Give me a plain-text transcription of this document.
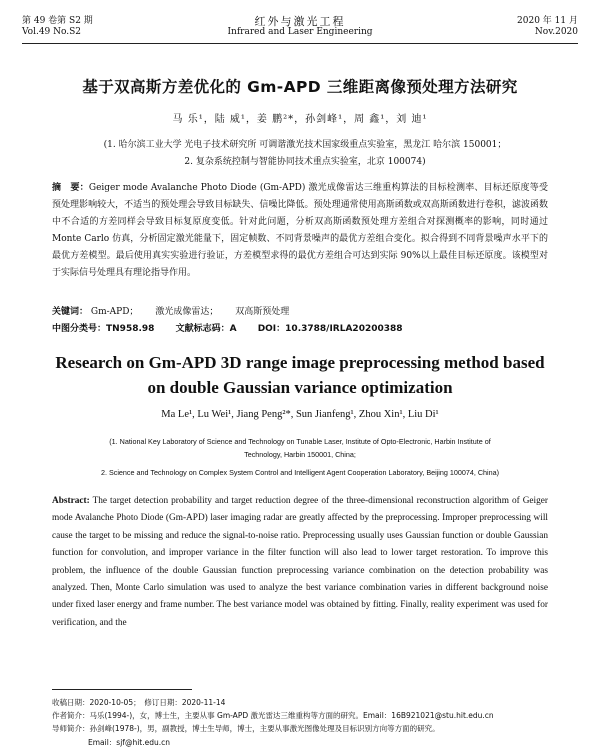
第 49 卷第 S2 期	红外与激光工程	2020 年 11 月
Vol.49 No.S2	Infrared and Laser Engineering	Nov.2020
基于双高斯方差优化的 Gm-APD 三维距离像预处理方法研究
马 乐¹，陆 威¹，姜 鹏²*，孙剑峰¹，周 鑫¹，刘 迪¹
(1. 哈尔滨工业大学 光电子技术研究所 可调谐激光技术国家级重点实验室，黑龙江 哈尔滨 150001；
2. 复杂系统控制与智能协同技术重点实验室，北京 100074)
摘　要：Geiger mode Avalanche Photo Diode (Gm-APD) 激光成像雷达三维重构算法的目标检测率、目标还原度等受预处理影响较大，不适当的预处理会导致目标缺失、信噪比降低。预处理通常使用高斯函数或双高斯函数进行卷积，滤波函数中不合适的方差同样会导致目标复原度变低。针对此问题，分析双高斯函数预处理方差组合对探测概率的影响，同时通过 Monte Carlo 仿真，分析固定激光能量下，固定帧数、不同背景噪声的最优方差组合变化。拟合得到不同背景噪声水平下的最优方差模型。最后使用真实实验进行验证，方差模型求得的最优方差组合可达到实际 90%以上最佳目标还原度。该模型对于实际信号处理具有理论指导作用。
关键词： Gm-APD； 激光成像雷达； 双高斯预处理
中图分类号：TN958.98 文献标志码：A DOI：10.3788/IRLA20200388
Research on Gm-APD 3D range image preprocessing method based
on double Gaussian variance optimization
Ma Le¹, Lu Wei¹, Jiang Peng²*, Sun Jianfeng¹, Zhou Xin¹, Liu Di¹
(1. National Key Laboratory of Science and Technology on Tunable Laser, Institute of Opto-Electronic, Harbin Institute of
Technology, Harbin 150001, China;
2. Science and Technology on Complex System Control and Intelligent Agent Cooperation Laboratory, Beijing 100074, China)
Abstract: The target detection probability and target reduction degree of the three-dimensional reconstruction algorithm of Geiger mode Avalanche Photo Diode (Gm-APD) laser imaging radar are greatly affected by the preprocessing. Improper preprocessing will cause the target to be missing and reduce the signal-to-noise ratio. Preprocessing usually uses Gaussian function or double Gaussian function for convolution, and improper variance in the filter function will also lead to lower target restoration. To improve this problem, the influence of the double Gaussian function preprocessing variance combination on the detection probability was analyzed. Then, Monte Carlo simulation was used to analyze the best variance combination varies in different background noise under fixed laser energy and frame number. The best variance model was obtained by fitting. Finally, reality experiment was used for verification, and the
收稿日期：2020-10-05；　修订日期：2020-11-14
作者简介：马乐(1994-)，女，博士生，主要从事 Gm-APD 激光雷达三维重构等方面的研究。Email：16B921021@stu.hit.edu.cn
导师简介：孙剑峰(1978-)，男，副教授，博士生导师，博士，主要从事激光图像处理及目标识别方向等方面的研究。
Email：sjf@hit.edu.cn
